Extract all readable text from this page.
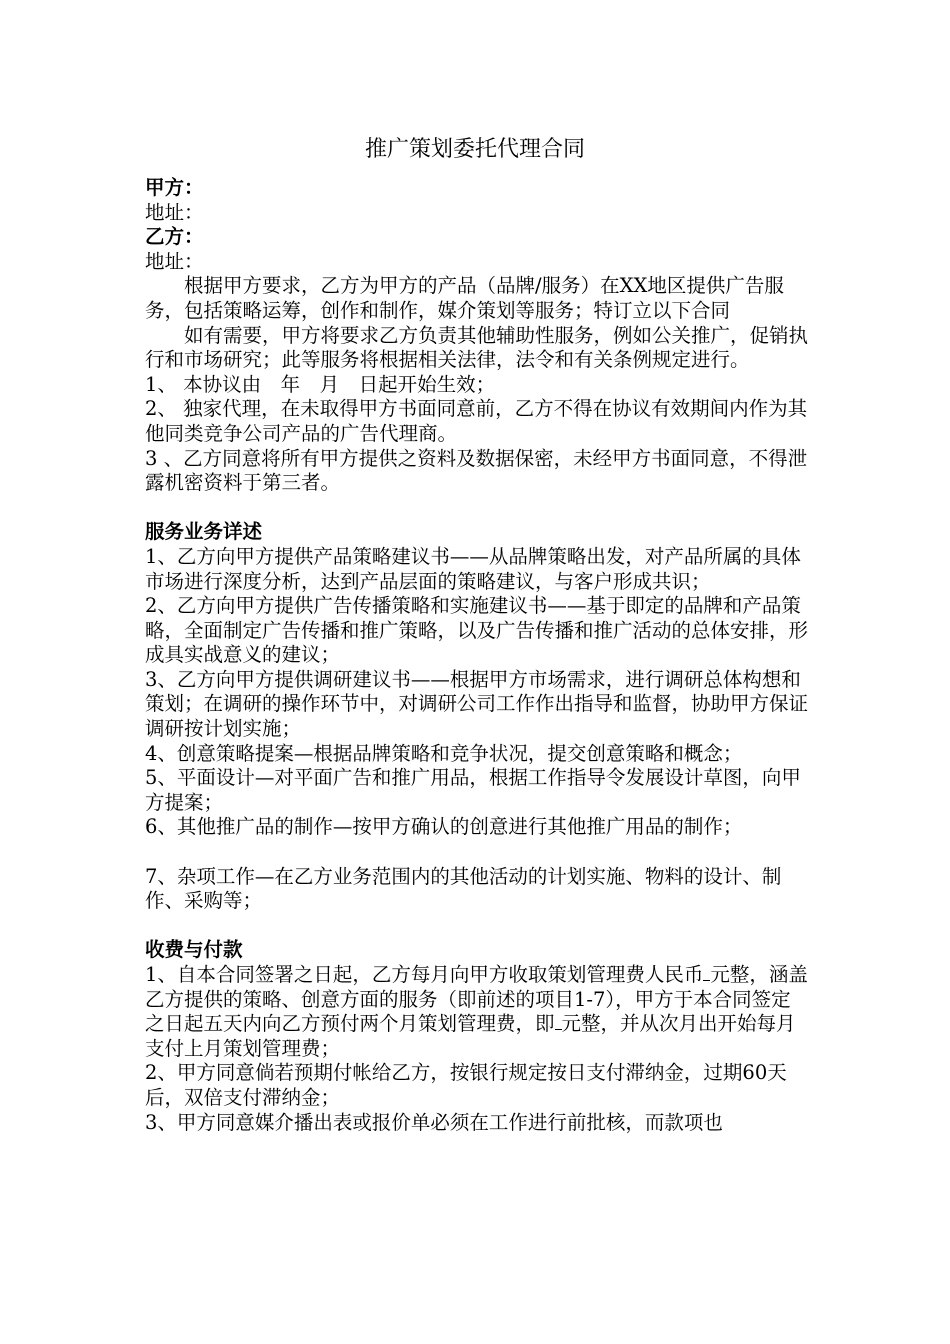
推广策划委托代理合同

甲方：

地址：

乙方：

地址：

根据甲方要求，乙方为甲方的产品（品牌/服务）在XX地区提供广告服务，包括策略运筹，创作和制作，媒介策划等服务；特订立以下合同

如有需要，甲方将要求乙方负责其他辅助性服务，例如公关推广，促销执行和市场研究；此等服务将根据相关法律，法令和有关条例规定进行。

1、 本协议由　年　月　日起开始生效；

2、 独家代理，在未取得甲方书面同意前，乙方不得在协议有效期间内作为其他同类竞争公司产品的广告代理商。

3 、乙方同意将所有甲方提供之资料及数据保密，未经甲方书面同意，不得泄露机密资料于第三者。

服务业务详述

1、乙方向甲方提供产品策略建议书——从品牌策略出发，对产品所属的具体市场进行深度分析，达到产品层面的策略建议，与客户形成共识；

2、乙方向甲方提供广告传播策略和实施建议书——基于即定的品牌和产品策略，全面制定广告传播和推广策略，以及广告传播和推广活动的总体安排，形成具实战意义的建议；

3、乙方向甲方提供调研建议书——根据甲方市场需求，进行调研总体构想和策划；在调研的操作环节中，对调研公司工作作出指导和监督，协助甲方保证调研按计划实施；

4、创意策略提案—根据品牌策略和竞争状况，提交创意策略和概念；

5、平面设计—对平面广告和推广用品，根据工作指导令发展设计草图，向甲方提案；

6、其他推广品的制作—按甲方确认的创意进行其他推广用品的制作；

7、杂项工作—在乙方业务范围内的其他活动的计划实施、物料的设计、制作、采购等；

收费与付款

1、自本合同签署之日起，乙方每月向甲方收取策划管理费人民币 元整，涵盖乙方提供的策略、创意方面的服务（即前述的项目1-7），甲方于本合同签定之日起五天内向乙方预付两个月策划管理费，即 元整，并从次月出开始每月支付上月策划管理费；

2、甲方同意倘若预期付帐给乙方，按银行规定按日支付滞纳金，过期60天后，双倍支付滞纳金；

3、甲方同意媒介播出表或报价单必须在工作进行前批核，而款项也
